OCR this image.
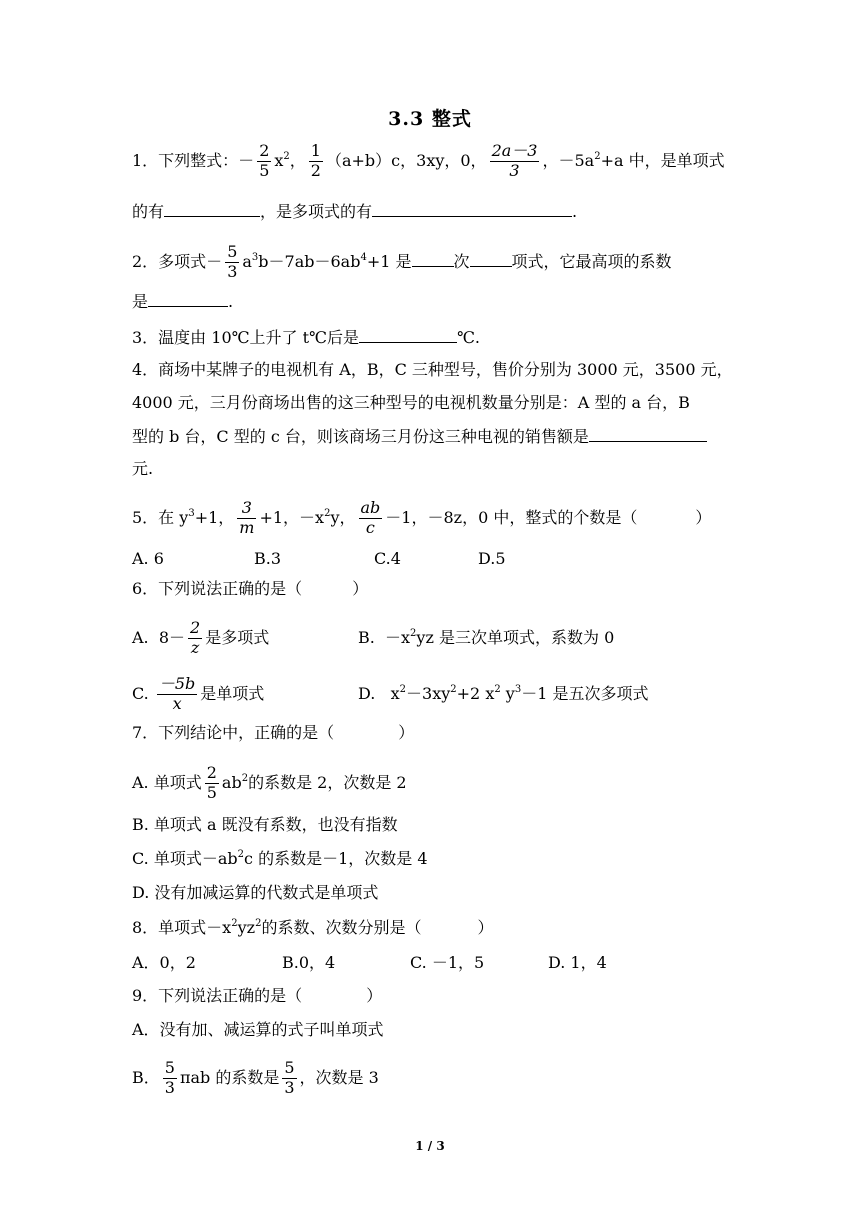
3.3 整式
1．下列整式：－ $\frac{2}{5} x^2$， $\frac{1}{2} (a+b)c$，3xy，0， $\frac{2a-3}{3}$ ，$-5a^2+a$ 中，是单项式
的有	，是多项式的有	.
2．多项式－ $\frac{5}{3} a^3b-7ab-6ab^4+1$ 是	次	项式，它最高项的系数
是	.
3．温度由 10℃上升了 t℃后是	℃.
4．商场中某牌子的电视机有 A，B，C 三种型号，售价分别为 3000 元，3500 元，
4000 元，三月份商场出售的这三种型号的电视机数量分别是：A 型的 a 台，B
型的 b 台，C 型的 c 台，则该商场三月份这三种电视的销售额是
元.
5．在 $y^3+1$， $\frac{3}{m} +1$，$-x^2y$， $\frac{ab}{c} -1$，－8z，0 中，整式的个数是（	）
A. 6	B.3	C.4	D.5
6．下列说法正确的是（	）
A. $8- \frac{2}{z}$ 是多项式	B. $-x^2yz$ 是三次单项式，系数为 0
C. $\frac{-5b}{x}$ 是单项式	D. $x^2-3xy^2+2$ $x^2$ $y^3-1$ 是五次多项式
7．下列结论中，正确的是（	）
A. 单项式 $\frac{2}{5} ab^2$的系数是 2，次数是 2
B. 单项式 a 既没有系数，也没有指数
C. 单项式$-ab^2c$ 的系数是－1，次数是 4
D. 没有加减运算的代数式是单项式
8．单项式$-x^2yz^2$的系数、次数分别是（	）
A．0，2	B.0，4	C. －1，5	D. 1，4
9．下列说法正确的是（	）
A．没有加、减运算的式子叫单项式
B． $\frac{5}{3}$ πab 的系数是 $\frac{5}{3}$ ，次数是 3
1 / 3
